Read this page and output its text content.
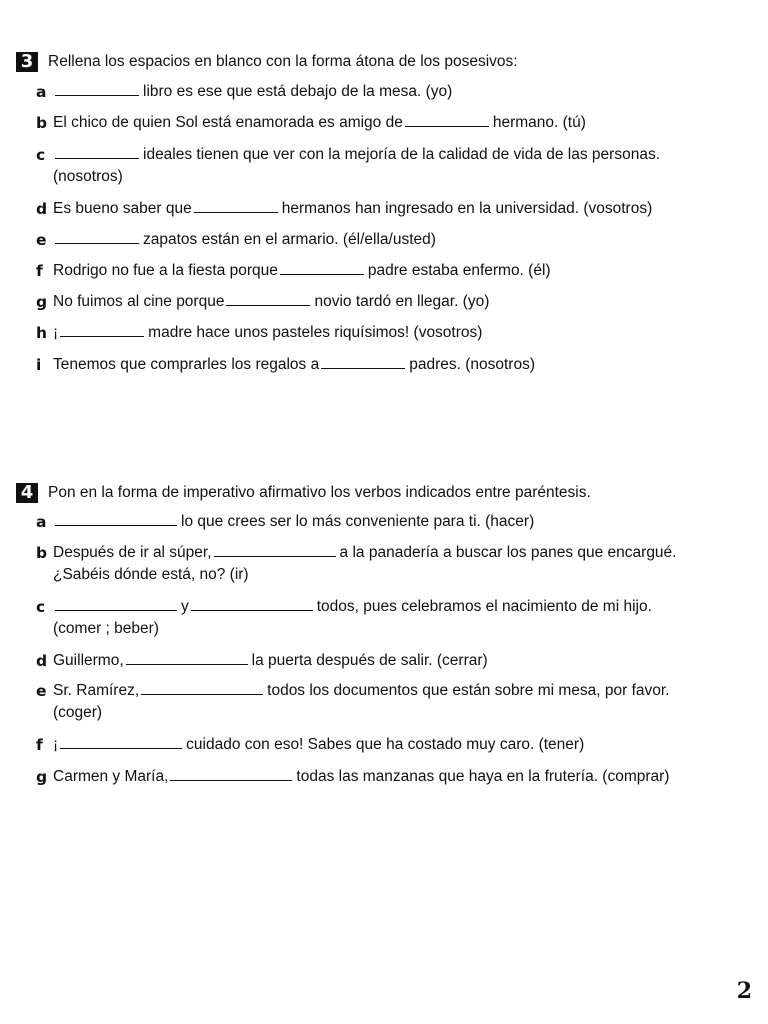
3 Rellena los espacios en blanco con la forma átona de los posesivos:
a	libro es ese que está debajo de la mesa. (yo)
b El chico de quien Sol está enamorada es amigo de	hermano. (tú)
c	ideales tienen que ver con la mejoría de la calidad de vida de las personas.
(nosotros)
d Es bueno saber que	hermanos han ingresado en la universidad. (vosotros)
e	zapatos están en el armario. (él/ella/usted)
f Rodrigo no fue a la fiesta porque	padre estaba enfermo. (él)
g No fuimos al cine porque	novio tardó en llegar. (yo)
h ¡	madre hace unos pasteles riquísimos! (vosotros)
i Tenemos que comprarles los regalos a	padres. (nosotros)
4 Pon en la forma de imperativo afirmativo los verbos indicados entre paréntesis.
a	lo que crees ser lo más conveniente para ti. (hacer)
b Después de ir al súper,	a la panadería a buscar los panes que encargué.
¿Sabéis dónde está, no? (ir)
c	y	todos, pues celebramos el nacimiento de mi hijo.
(comer ; beber)
d Guillermo,	la puerta después de salir. (cerrar)
e Sr. Ramírez,	todos los documentos que están sobre mi mesa, por favor.
(coger)
f ¡	cuidado con eso! Sabes que ha costado muy caro. (tener)
g Carmen y María,	todas las manzanas que haya en la frutería. (comprar)
2
